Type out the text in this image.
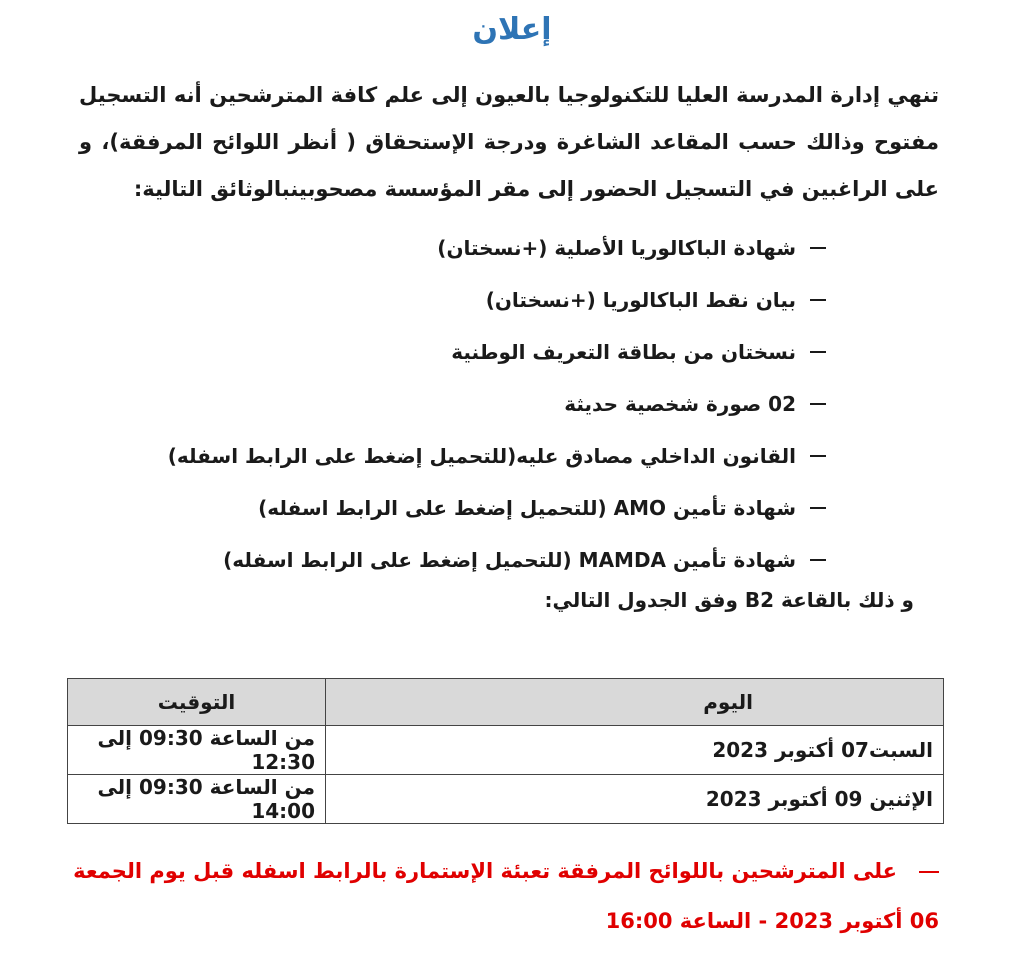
إعلان

تنهي إدارة المدرسة العليا للتكنولوجيا بالعيون إلى علم كافة المترشحين أنه التسجيل مفتوح وذالك حسب المقاعد الشاغرة ودرجة الإستحقاق ( أنظر اللوائح المرفقة)، و على الراغبين في التسجيل الحضور إلى مقر المؤسسة مصحوبينبالوثائق التالية:

شهادة الباكالوريا الأصلية (+نسختان)
بيان نقط الباكالوريا (+نسختان)
نسختان من بطاقة التعريف الوطنية
02 صورة شخصية حديثة
القانون الداخلي مصادق عليه(للتحميل إضغط على الرابط اسفله)
شهادة تأمين AMO (للتحميل إضغط على الرابط اسفله)
شهادة تأمين MAMDA (للتحميل إضغط على الرابط اسفله)

و ذلك بالقاعة B2 وفق الجدول التالي:

اليوم	التوقيت
السبت07 أكتوبر 2023	من الساعة 09:30 إلى 12:30
الإثنين 09 أكتوبر 2023	من الساعة 09:30 إلى 14:00

على المترشحين باللوائح المرفقة تعبئة الإستمارة بالرابط اسفله قبل يوم الجمعة 06 أكتوبر 2023 - الساعة 16:00
